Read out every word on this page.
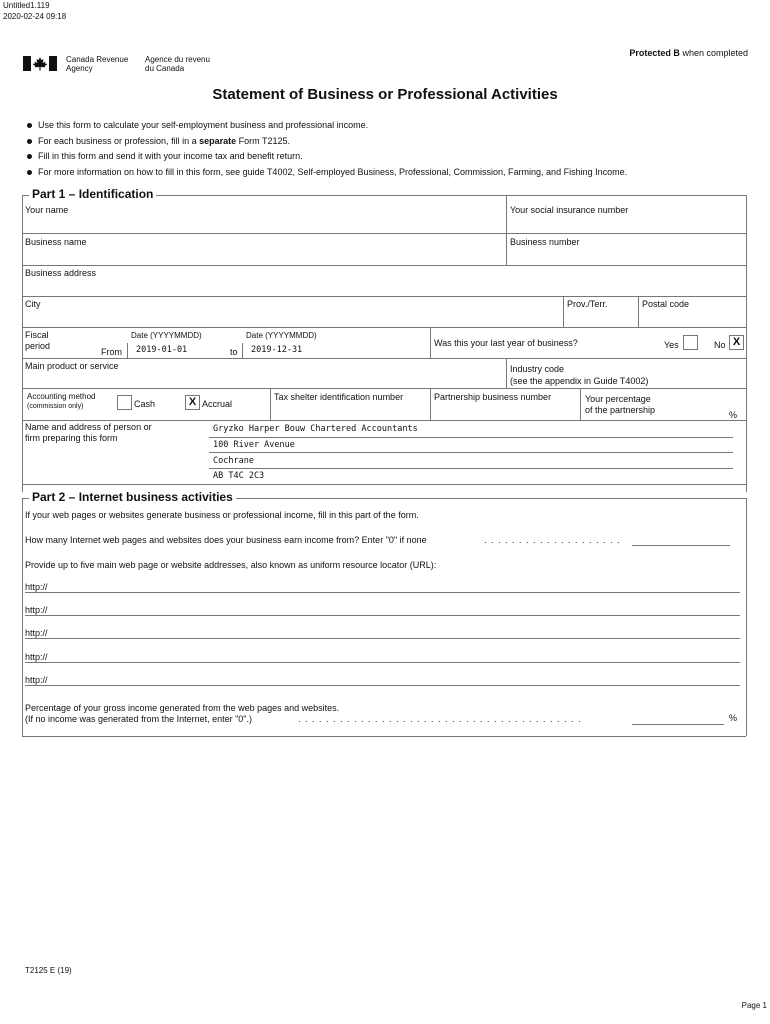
Untitled1.119
2020-02-24 09:18
Canada Revenue
Agency
Agence du revenu
du Canada
Protected B when completed
Statement of Business or Professional Activities
Use this form to calculate your self-employment business and professional income.
For each business or profession, fill in a separate Form T2125.
Fill in this form and send it with your income tax and benefit return.
For more information on how to fill in this form, see guide T4002, Self-employed Business, Professional, Commission, Farming, and Fishing Income.
Part 1 – Identification
Your name	Your social insurance number
Business name	Business number
Business address
City	Prov./Terr.	Postal code
Fiscal
period
Date (YYYYMMDD)	Date (YYYYMMDD)
From 2019-01-01	to 2019-12-31
Was this your last year of business?	Yes	No X
Main product or service	Industry code
(see the appendix in Guide T4002)
Accounting method
(commission only)	Cash	X Accrual
Tax shelter identification number	Partnership business number	Your percentage
of the partnership	%
Name and address of person or
firm preparing this form
Gryzko Harper Bouw Chartered Accountants
100 River Avenue
Cochrane
AB T4C 2C3
Part 2 – Internet business activities
If your web pages or websites generate business or professional income, fill in this part of the form.
How many Internet web pages and websites does your business earn income from? Enter "0" if none	. . . . . . . . . . . . . . . . . . . .
Provide up to five main web page or website addresses, also known as uniform resource locator (URL):
http://
http://
http://
http://
http://
Percentage of your gross income generated from the web pages and websites.
(If no income was generated from the Internet, enter "0".)	. . . . . . . . . . . . . . . . . . . . . . . . . . . . . . . . . . . . . . . . .	%
T2125 E (19)
Page 1
